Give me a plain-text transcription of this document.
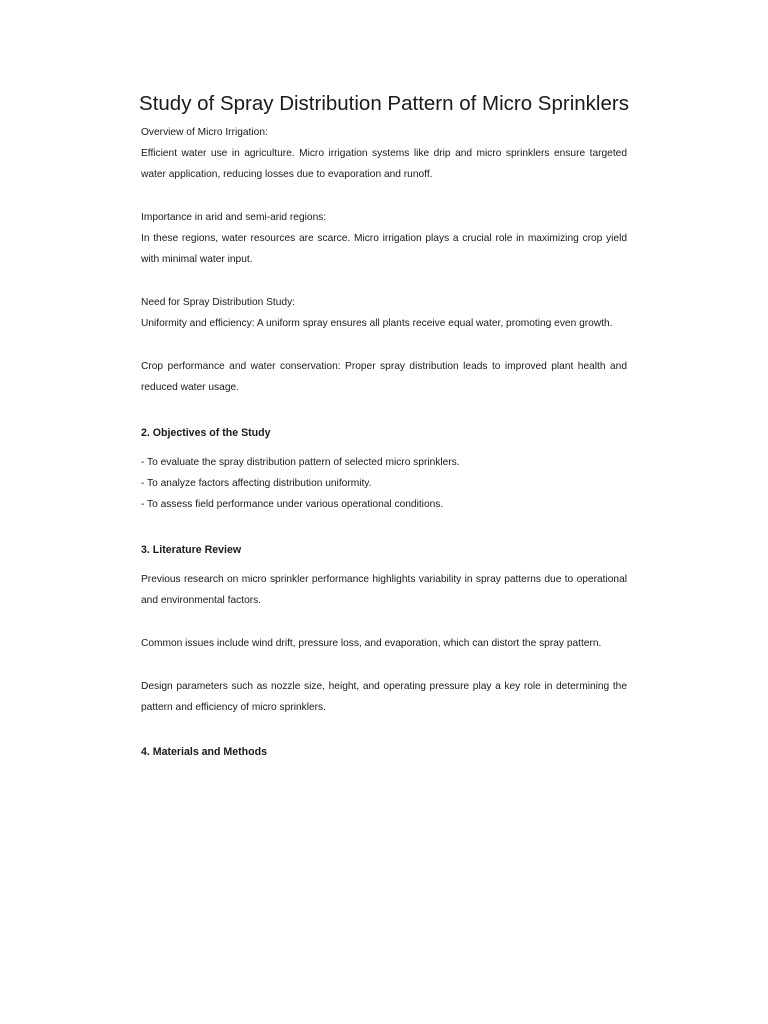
Study of Spray Distribution Pattern of Micro Sprinklers

Overview of Micro Irrigation:

Efficient water use in agriculture. Micro irrigation systems like drip and micro sprinklers ensure targeted water application, reducing losses due to evaporation and runoff.

Importance in arid and semi-arid regions:

In these regions, water resources are scarce. Micro irrigation plays a crucial role in maximizing crop yield with minimal water input.

Need for Spray Distribution Study:

Uniformity and efficiency: A uniform spray ensures all plants receive equal water, promoting even growth.

Crop performance and water conservation: Proper spray distribution leads to improved plant health and reduced water usage.

2. Objectives of the Study

- To evaluate the spray distribution pattern of selected micro sprinklers.

- To analyze factors affecting distribution uniformity.

- To assess field performance under various operational conditions.

3. Literature Review

Previous research on micro sprinkler performance highlights variability in spray patterns due to operational and environmental factors.

Common issues include wind drift, pressure loss, and evaporation, which can distort the spray pattern.

Design parameters such as nozzle size, height, and operating pressure play a key role in determining the pattern and efficiency of micro sprinklers.

4. Materials and Methods
